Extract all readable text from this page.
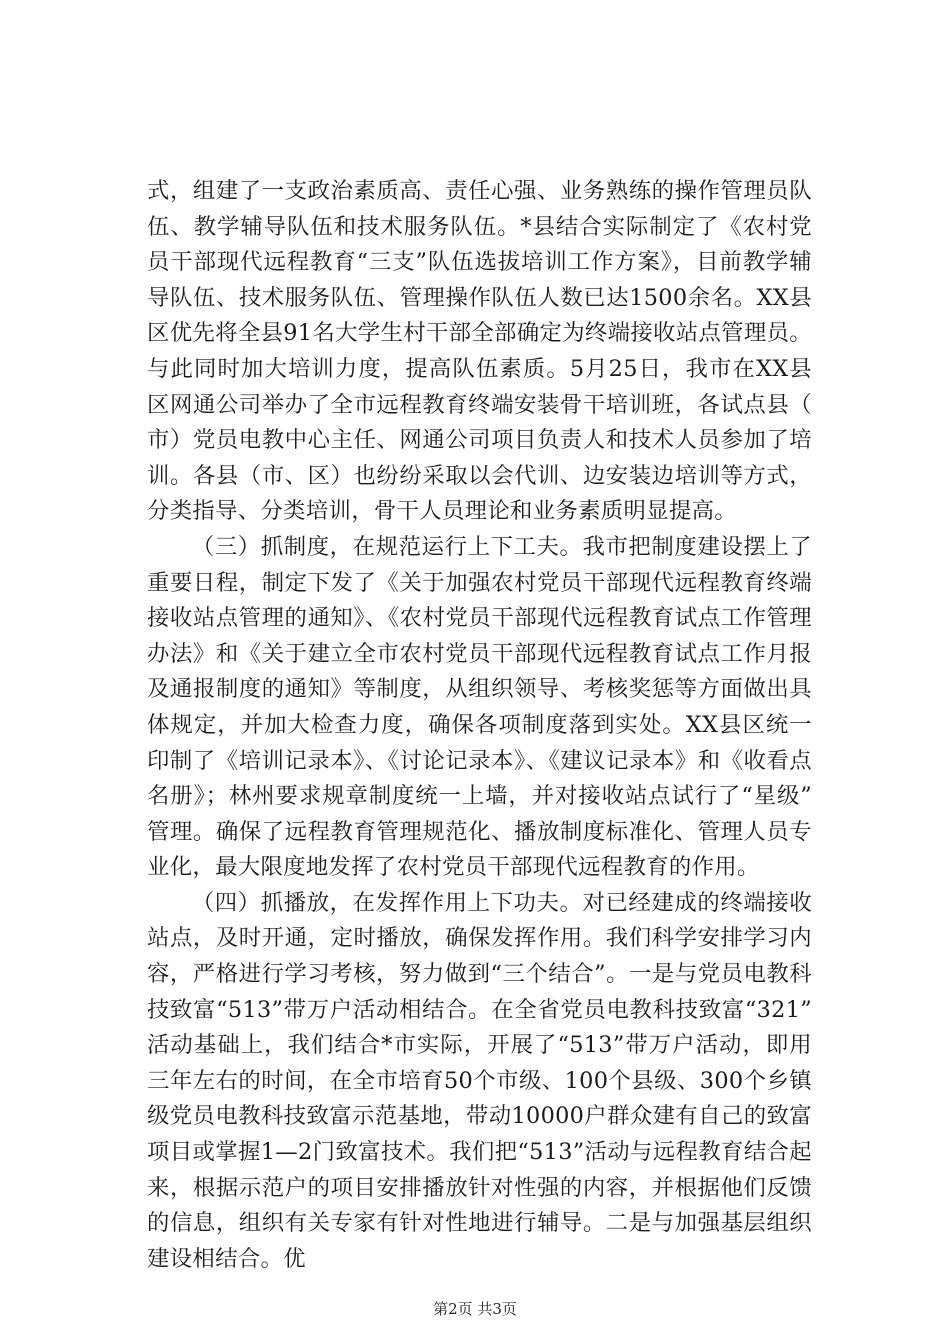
式，组建了一支政治素质高、责任心强、业务熟练的操作管理员队伍、教学辅导队伍和技术服务队伍。*县结合实际制定了《农村党员干部现代远程教育“三支”队伍选拔培训工作方案》，目前教学辅导队伍、技术服务队伍、管理操作队伍人数已达1500余名。XX县区优先将全县91名大学生村干部全部确定为终端接收站点管理员。与此同时加大培训力度，提高队伍素质。5月25日，我市在XX县区网通公司举办了全市远程教育终端安装骨干培训班，各试点县（市）党员电教中心主任、网通公司项目负责人和技术人员参加了培训。各县（市、区）也纷纷采取以会代训、边安装边培训等方式，分类指导、分类培训，骨干人员理论和业务素质明显提高。

（三）抓制度，在规范运行上下工夫。我市把制度建设摆上了重要日程，制定下发了《关于加强农村党员干部现代远程教育终端接收站点管理的通知》、《农村党员干部现代远程教育试点工作管理办法》和《关于建立全市农村党员干部现代远程教育试点工作月报及通报制度的通知》等制度，从组织领导、考核奖惩等方面做出具体规定，并加大检查力度，确保各项制度落到实处。XX县区统一印制了《培训记录本》、《讨论记录本》、《建议记录本》和《收看点名册》；林州要求规章制度统一上墙，并对接收站点试行了“星级”管理。确保了远程教育管理规范化、播放制度标准化、管理人员专业化，最大限度地发挥了农村党员干部现代远程教育的作用。

（四）抓播放，在发挥作用上下功夫。对已经建成的终端接收站点，及时开通，定时播放，确保发挥作用。我们科学安排学习内容，严格进行学习考核，努力做到“三个结合”。一是与党员电教科技致富“513”带万户活动相结合。在全省党员电教科技致富“321”活动基础上，我们结合*市实际，开展了“513”带万户活动，即用三年左右的时间，在全市培育50个市级、100个县级、300个乡镇级党员电教科技致富示范基地，带动10000户群众建有自己的致富项目或掌握1—2门致富技术。我们把“513”活动与远程教育结合起来，根据示范户的项目安排播放针对性强的内容，并根据他们反馈的信息，组织有关专家有针对性地进行辅导。二是与加强基层组织建设相结合。优

第2页 共3页
